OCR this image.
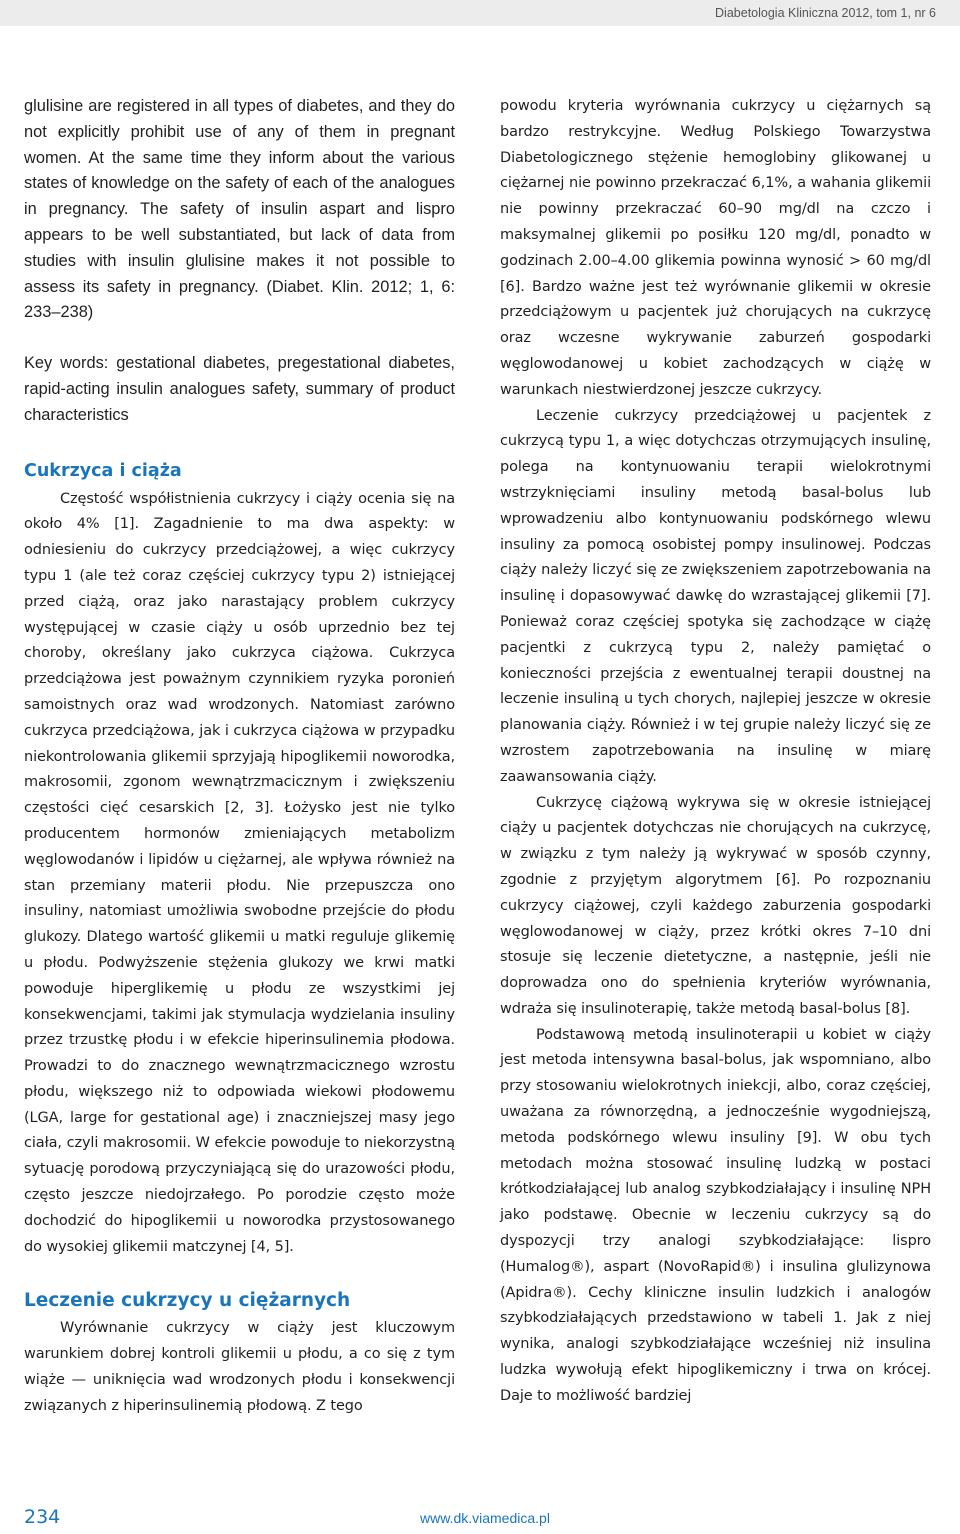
Diabetologia Kliniczna 2012, tom 1, nr 6

glulisine are registered in all types of diabetes, and they do not explicitly prohibit use of any of them in pregnant women. At the same time they inform about the various states of knowledge on the safety of each of the analogues in pregnancy. The safety of insulin aspart and lispro appears to be well substantiated, but lack of data from studies with insulin glulisine makes it not possible to assess its safety in pregnancy. (Diabet. Klin. 2012; 1, 6: 233–238)

Key words: gestational diabetes, pregestational diabetes, rapid-acting insulin analogues safety, summary of product characteristics

Cukrzyca i ciąża

Częstość współistnienia cukrzycy i ciąży ocenia się na około 4% [1]. Zagadnienie to ma dwa aspekty: w odniesieniu do cukrzycy przedciążowej, a więc cukrzycy typu 1 (ale też coraz częściej cukrzycy typu 2) istniejącej przed ciążą, oraz jako narastający problem cukrzycy występującej w czasie ciąży u osób uprzednio bez tej choroby, określany jako cukrzyca ciążowa. Cukrzyca przedciążowa jest poważnym czynnikiem ryzyka poronień samoistnych oraz wad wrodzonych. Natomiast zarówno cukrzyca przedciążowa, jak i cukrzyca ciążowa w przypadku niekontrolowania glikemii sprzyjają hipoglikemii noworodka, makrosomii, zgonom wewnątrzmacicznym i zwiększeniu częstości cięć cesarskich [2, 3]. Łożysko jest nie tylko producentem hormonów zmieniających metabolizm węglowodanów i lipidów u ciężarnej, ale wpływa również na stan przemiany materii płodu. Nie przepuszcza ono insuliny, natomiast umożliwia swobodne przejście do płodu glukozy. Dlatego wartość glikemii u matki reguluje glikemię u płodu. Podwyższenie stężenia glukozy we krwi matki powoduje hiperglikemię u płodu ze wszystkimi jej konsekwencjami, takimi jak stymulacja wydzielania insuliny przez trzustkę płodu i w efekcie hiperinsulinemia płodowa. Prowadzi to do znacznego wewnątrzmacicznego wzrostu płodu, większego niż to odpowiada wiekowi płodowemu (LGA, large for gestational age) i znaczniejszej masy jego ciała, czyli makrosomii. W efekcie powoduje to niekorzystną sytuację porodową przyczyniającą się do urazowości płodu, często jeszcze niedojrzałego. Po porodzie często może dochodzić do hipoglikemii u noworodka przystosowanego do wysokiej glikemii matczynej [4, 5].

Leczenie cukrzycy u ciężarnych

Wyrównanie cukrzycy w ciąży jest kluczowym warunkiem dobrej kontroli glikemii u płodu, a co się z tym wiąże — uniknięcia wad wrodzonych płodu i konsekwencji związanych z hiperinsulinemią płodową. Z tego

powodu kryteria wyrównania cukrzycy u ciężarnych są bardzo restrykcyjne. Według Polskiego Towarzystwa Diabetologicznego stężenie hemoglobiny glikowanej u ciężarnej nie powinno przekraczać 6,1%, a wahania glikemii nie powinny przekraczać 60–90 mg/dl na czczo i maksymalnej glikemii po posiłku 120 mg/dl, ponadto w godzinach 2.00–4.00 glikemia powinna wynosić > 60 mg/dl [6]. Bardzo ważne jest też wyrównanie glikemii w okresie przedciążowym u pacjentek już chorujących na cukrzycę oraz wczesne wykrywanie zaburzeń gospodarki węglowodanowej u kobiet zachodzących w ciążę w warunkach niestwierdzonej jeszcze cukrzycy.

Leczenie cukrzycy przedciążowej u pacjentek z cukrzycą typu 1, a więc dotychczas otrzymujących insulinę, polega na kontynuowaniu terapii wielokrotnymi wstrzyknięciami insuliny metodą basal-bolus lub wprowadzeniu albo kontynuowaniu podskórnego wlewu insuliny za pomocą osobistej pompy insulinowej. Podczas ciąży należy liczyć się ze zwiększeniem zapotrzebowania na insulinę i dopasowywać dawkę do wzrastającej glikemii [7]. Ponieważ coraz częściej spotyka się zachodzące w ciążę pacjentki z cukrzycą typu 2, należy pamiętać o konieczności przejścia z ewentualnej terapii doustnej na leczenie insuliną u tych chorych, najlepiej jeszcze w okresie planowania ciąży. Również i w tej grupie należy liczyć się ze wzrostem zapotrzebowania na insulinę w miarę zaawansowania ciąży.

Cukrzycę ciążową wykrywa się w okresie istniejącej ciąży u pacjentek dotychczas nie chorujących na cukrzycę, w związku z tym należy ją wykrywać w sposób czynny, zgodnie z przyjętym algorytmem [6]. Po rozpoznaniu cukrzycy ciążowej, czyli każdego zaburzenia gospodarki węglowodanowej w ciąży, przez krótki okres 7–10 dni stosuje się leczenie dietetyczne, a następnie, jeśli nie doprowadza ono do spełnienia kryteriów wyrównania, wdraża się insulinoterapię, także metodą basal-bolus [8].

Podstawową metodą insulinoterapii u kobiet w ciąży jest metoda intensywna basal-bolus, jak wspomniano, albo przy stosowaniu wielokrotnych iniekcji, albo, coraz częściej, uważana za równorzędną, a jednocześnie wygodniejszą, metoda podskórnego wlewu insuliny [9]. W obu tych metodach można stosować insulinę ludzką w postaci krótkodziałającej lub analog szybkodziałający i insulinę NPH jako podstawę. Obecnie w leczeniu cukrzycy są do dyspozycji trzy analogi szybkodziałające: lispro (Humalog®), aspart (NovoRapid®) i insulina glulizynowa (Apidra®). Cechy kliniczne insulin ludzkich i analogów szybkodziałających przedstawiono w tabeli 1. Jak z niej wynika, analogi szybkodziałające wcześniej niż insulina ludzka wywołują efekt hipoglikemiczny i trwa on krócej. Daje to możliwość bardziej

234	www.dk.viamedica.pl
